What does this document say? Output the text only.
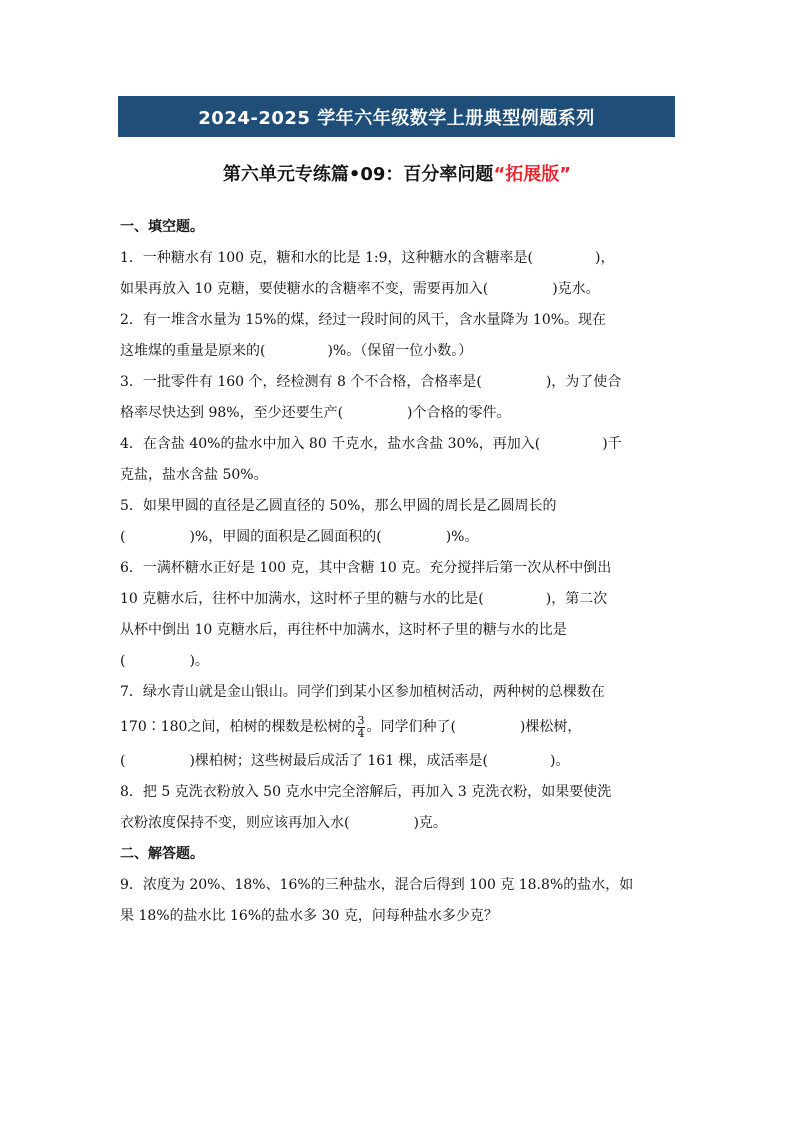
2024-2025 学年六年级数学上册典型例题系列
第六单元专练篇•09：百分率问题“拓展版”
一、填空题。
1．一种糖水有 100 克，糖和水的比是 1:9，这种糖水的含糖率是(	)，
如果再放入 10 克糖，要使糖水的含糖率不变，需要再加入(	)克水。
2．有一堆含水量为 15%的煤，经过一段时间的风干，含水量降为 10%。现在
这堆煤的重量是原来的(	)%。（保留一位小数。）
3．一批零件有 160 个，经检测有 8 个不合格，合格率是(	)，为了使合
格率尽快达到 98%，至少还要生产(	)个合格的零件。
4．在含盐 40%的盐水中加入 80 千克水，盐水含盐 30%，再加入(	)千
克盐，盐水含盐 50%。
5．如果甲圆的直径是乙圆直径的 50%，那么甲圆的周长是乙圆周长的
(	)%，甲圆的面积是乙圆面积的(	)%。
6．一满杯糖水正好是 100 克，其中含糖 10 克。充分搅拌后第一次从杯中倒出
10 克糖水后，往杯中加满水，这时杯子里的糖与水的比是(	)，第二次
从杯中倒出 10 克糖水后，再往杯中加满水，这时杯子里的糖与水的比是
(	)。
7．绿水青山就是金山银山。同学们到某小区参加植树活动，两种树的总棵数在
170∶180之间，柏树的棵数是松树的 $\frac{3}{4}$ 。同学们种了(	)棵松树，
(	)棵柏树；这些树最后成活了 161 棵，成活率是(	)。
8．把 5 克洗衣粉放入 50 克水中完全溶解后，再加入 3 克洗衣粉，如果要使洗
衣粉浓度保持不变，则应该再加入水(	)克。
二、解答题。
9．浓度为 20%、18%、16%的三种盐水，混合后得到 100 克 18.8%的盐水，如
果 18%的盐水比 16%的盐水多 30 克，问每种盐水多少克？
